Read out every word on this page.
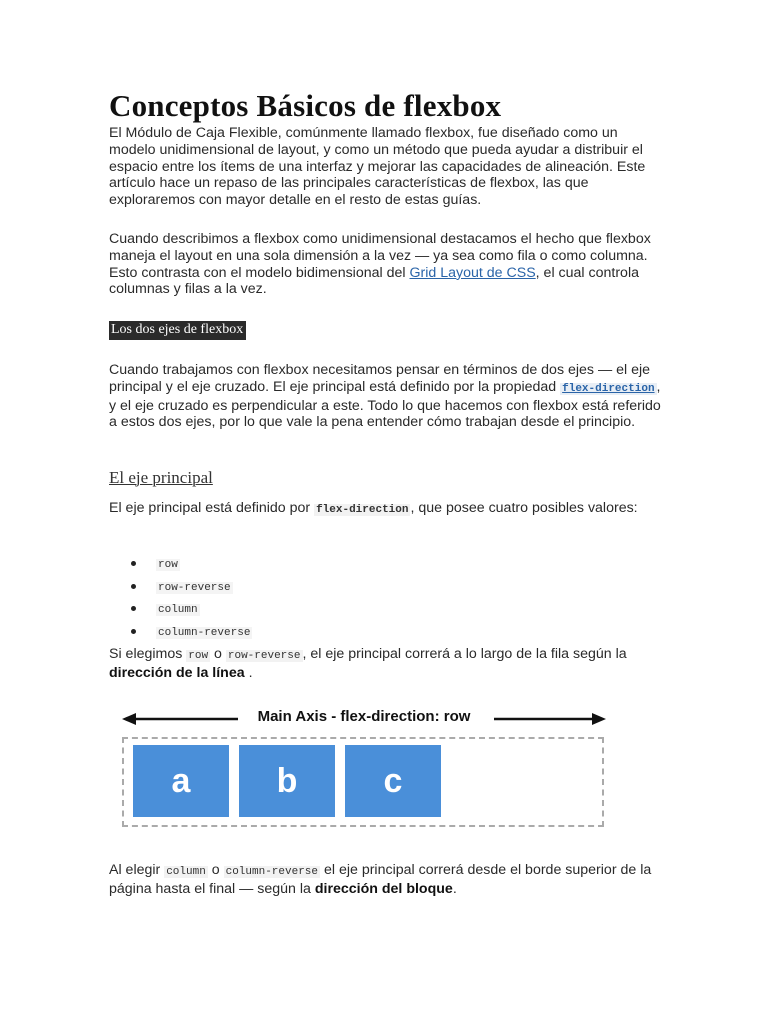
Conceptos Básicos de flexbox

El Módulo de Caja Flexible, comúnmente llamado flexbox, fue diseñado como un modelo unidimensional de layout, y como un método que pueda ayudar a distribuir el espacio entre los ítems de una interfaz y mejorar las capacidades de alineación. Este artículo hace un repaso de las principales características de flexbox, las que exploraremos con mayor detalle en el resto de estas guías.

Cuando describimos a flexbox como unidimensional destacamos el hecho que flexbox maneja el layout en una sola dimensión a la vez — ya sea como fila o como columna. Esto contrasta con el modelo bidimensional del Grid Layout de CSS, el cual controla columnas y filas a la vez.

Los dos ejes de flexbox

Cuando trabajamos con flexbox necesitamos pensar en términos de dos ejes — el eje principal y el eje cruzado. El eje principal está definido por la propiedad flex-direction , y el eje cruzado es perpendicular a este. Todo lo que hacemos con flexbox está referido a estos dos ejes, por lo que vale la pena entender cómo trabajan desde el principio.

El eje principal

El eje principal está definido por flex-direction , que posee cuatro posibles valores:

row
row-reverse
column
column-reverse

Si elegimos row o row-reverse , el eje principal correrá a lo largo de la fila según la dirección de la línea .

Al elegir column o column-reverse el eje principal correrá desde el borde superior de la página hasta el final — según la dirección del bloque.

Main Axis - flex-direction: row
a	b	c
